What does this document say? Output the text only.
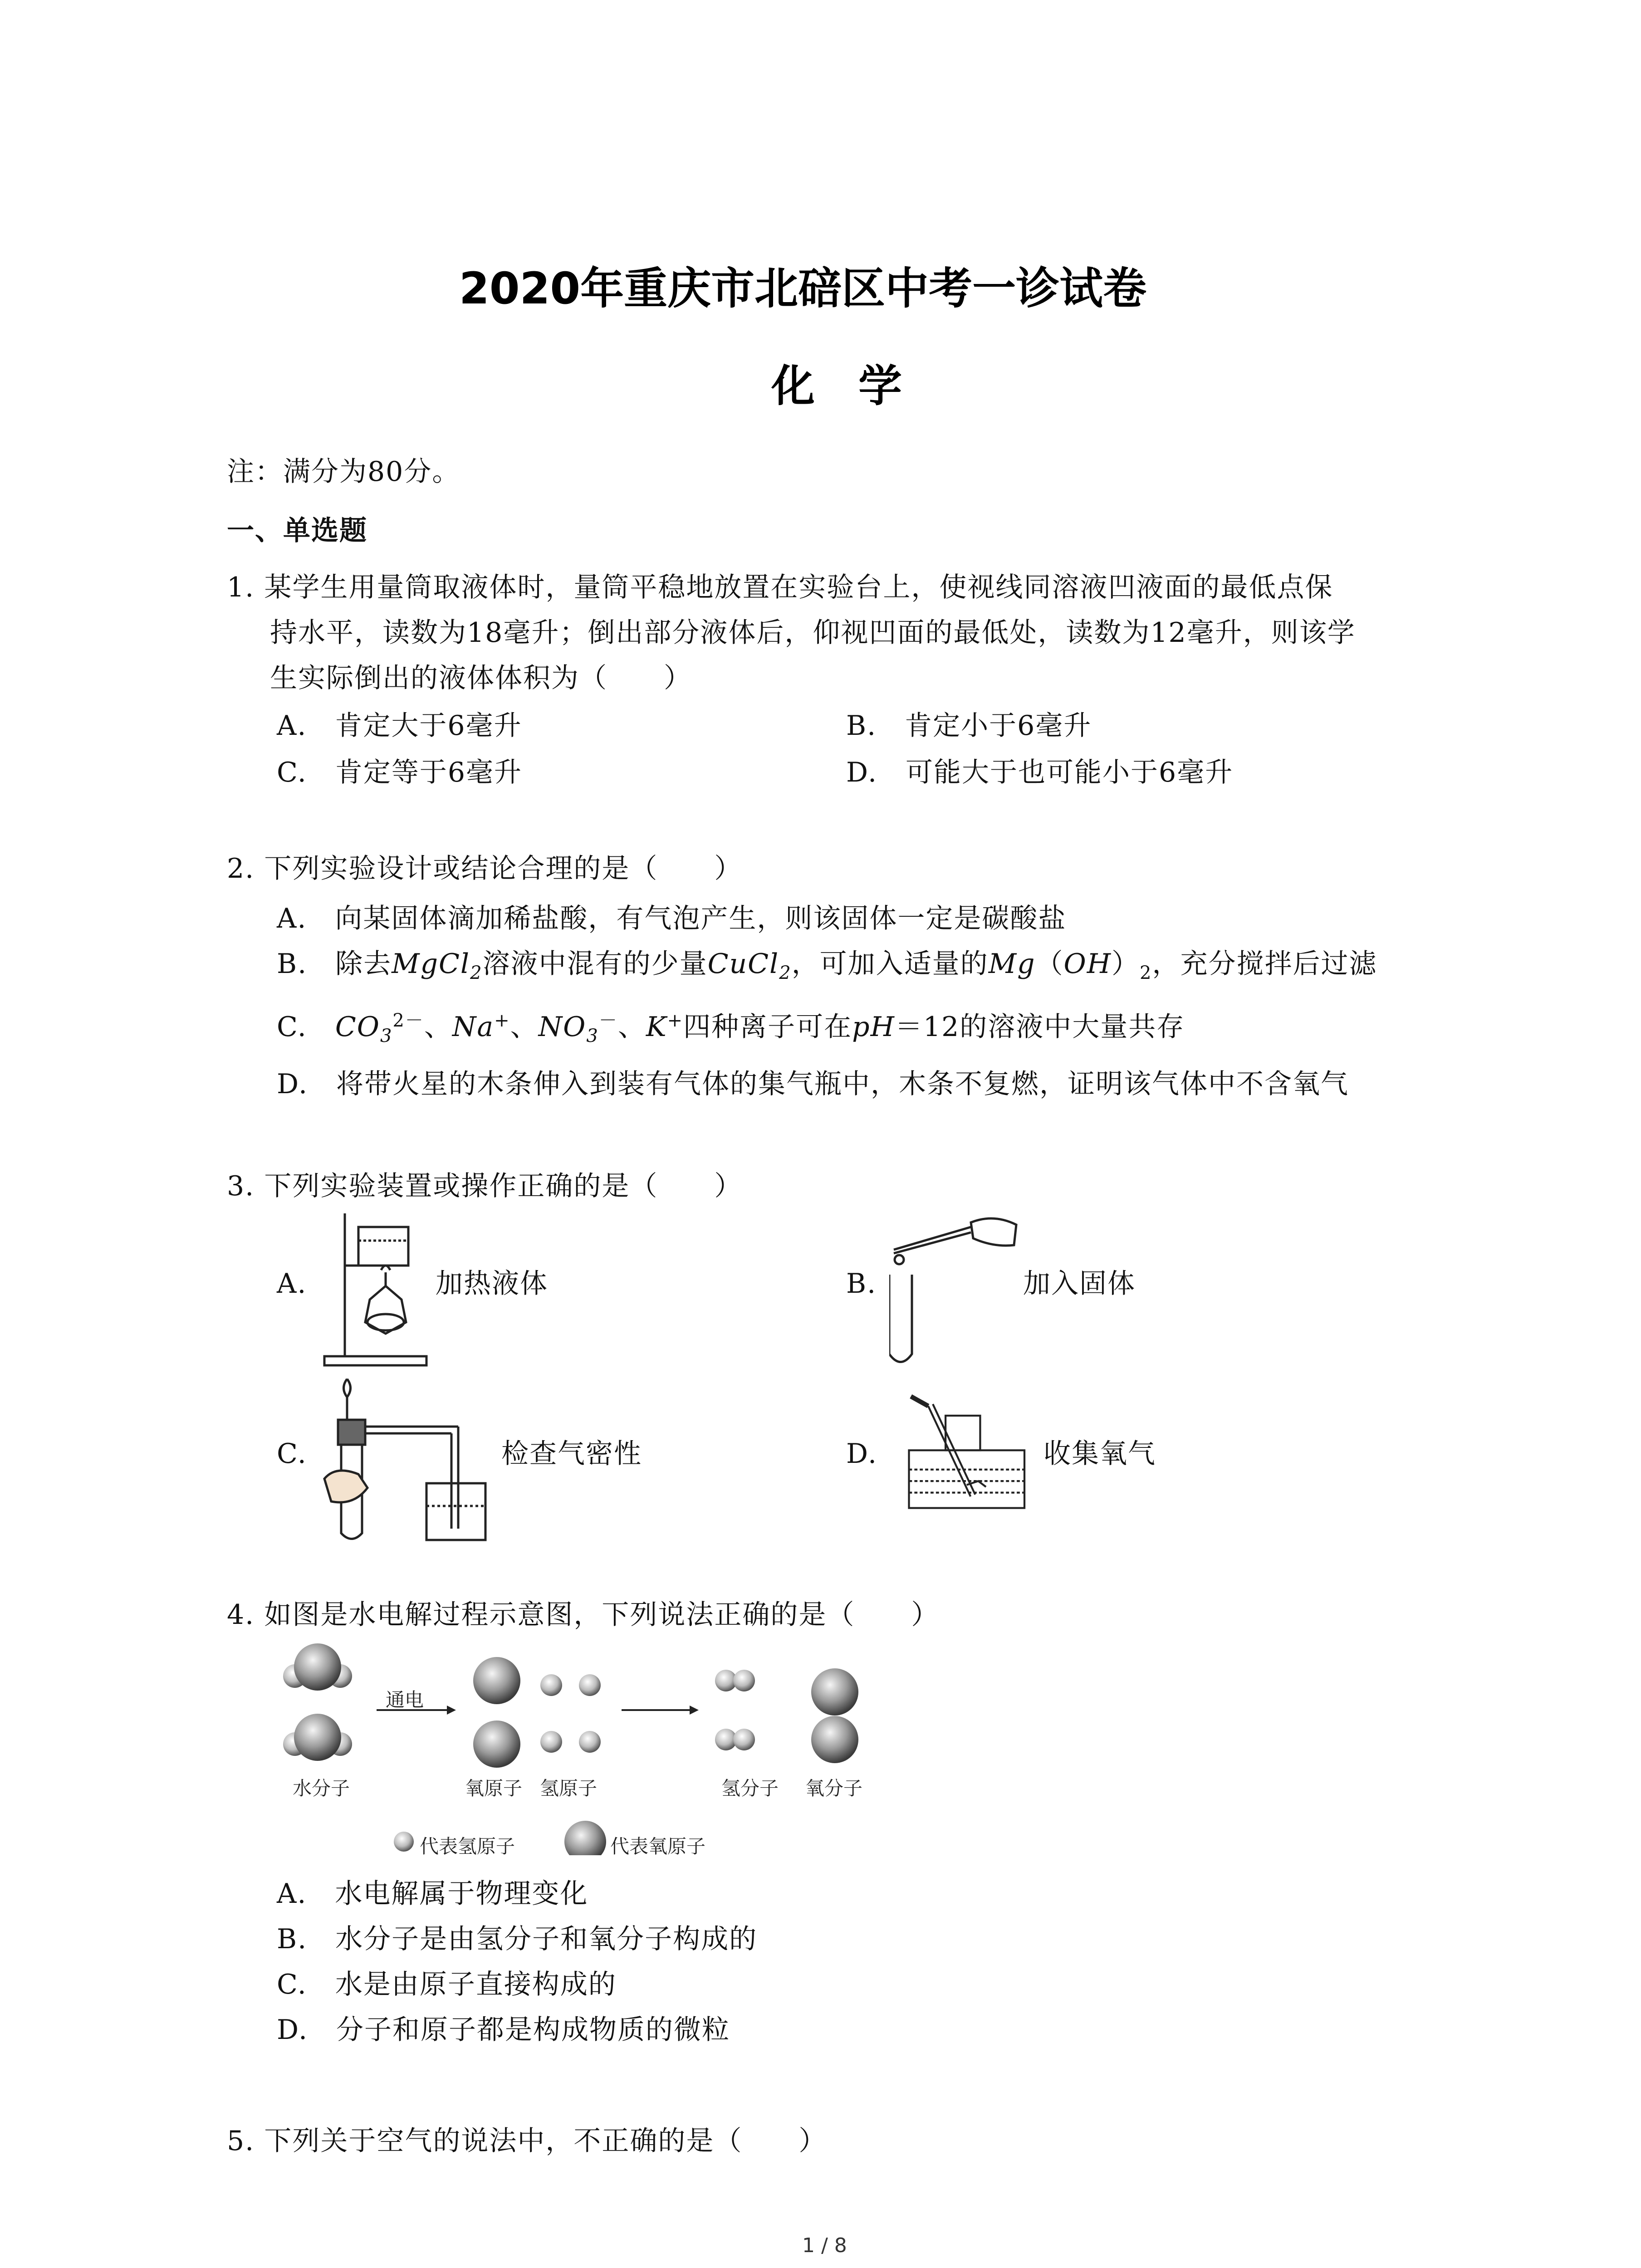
2020年重庆市北碚区中考一诊试卷
化　学
注：满分为80分。
一、单选题
1. 某学生用量筒取液体时，量筒平稳地放置在实验台上，使视线同溶液凹液面的最低点保
持水平，读数为18毫升；倒出部分液体后，仰视凹面的最低处，读数为12毫升，则该学
生实际倒出的液体体积为（　　）
A.　肯定大于6毫升	B.　肯定小于6毫升
C.　肯定等于6毫升	D.　可能大于也可能小于6毫升
2. 下列实验设计或结论合理的是（　　）
A.　向某固体滴加稀盐酸，有气泡产生，则该固体一定是碳酸盐
B.　除去MgCl$_2$溶液中混有的少量CuCl$_2$，可加入适量的$Mg(OH)_2$，充分搅拌后过滤
C.　$CO_3^{2-}$、Na+、$NO_3^-$、K+四种离子可在pH＝12的溶液中大量共存
D.　将带火星的木条伸入到装有气体的集气瓶中，木条不复燃，证明该气体中不含氧气
3. 下列实验装置或操作正确的是（　　）
A.	加热液体	B.	加入固体
C.	检查气密性	D.	收集氧气
4. 如图是水电解过程示意图，下列说法正确的是（　　）
通电
水分子	氧原子 氢原子	氢分子 氧分子
代表氢原子	代表氧原子
A.　水电解属于物理变化
B.　水分子是由氢分子和氧分子构成的
C.　水是由原子直接构成的
D.　分子和原子都是构成物质的微粒
5. 下列关于空气的说法中，不正确的是（　　）
1 / 8
